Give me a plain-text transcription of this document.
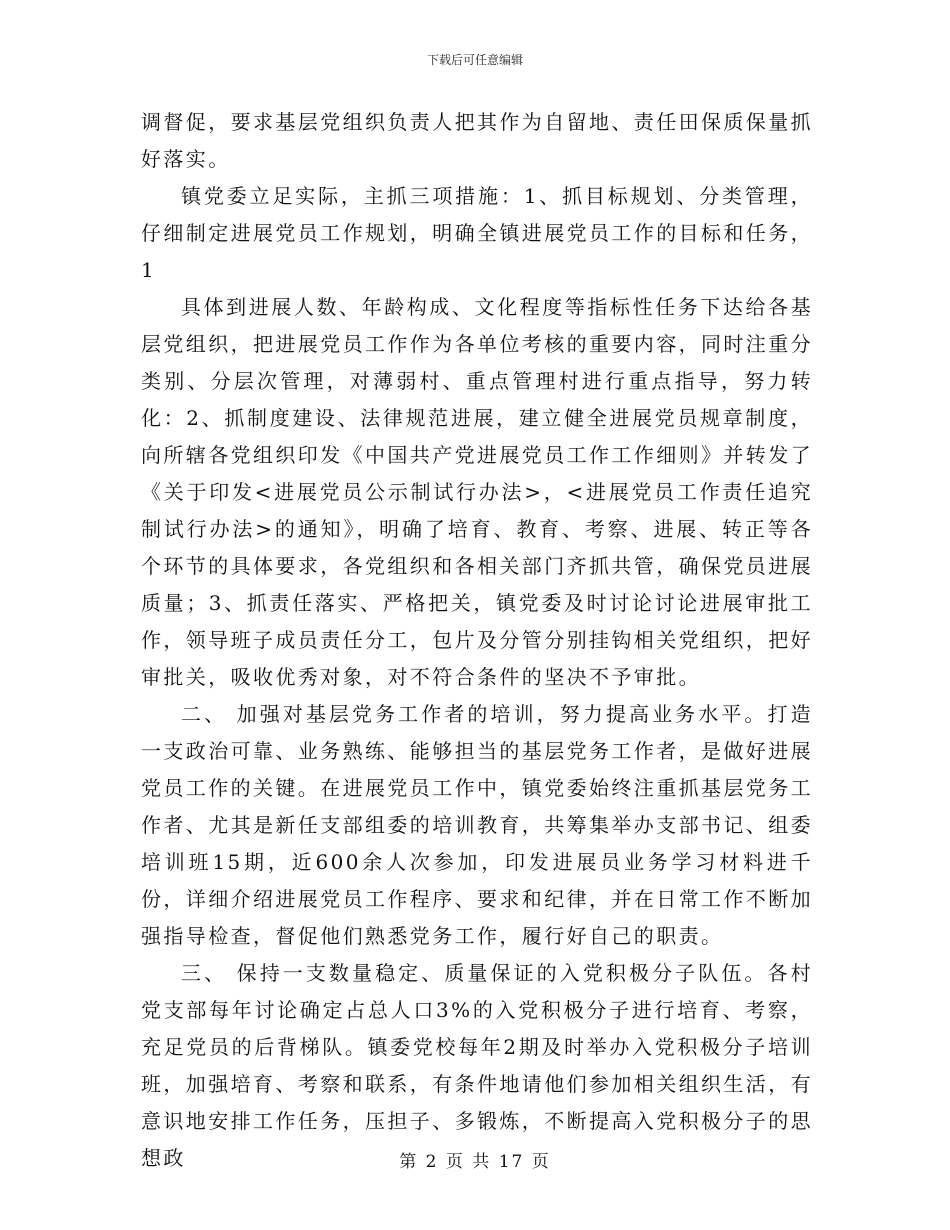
下载后可任意编辑

调督促，要求基层党组织负责人把其作为自留地、责任田保质保量抓好落实。

镇党委立足实际，主抓三项措施：1、抓目标规划、分类管理，仔细制定进展党员工作规划，明确全镇进展党员工作的目标和任务， 1

具体到进展人数、年龄构成、文化程度等指标性任务下达给各基层党组织，把进展党员工作作为各单位考核的重要内容，同时注重分类别、分层次管理，对薄弱村、重点管理村进行重点指导，努力转化：2、抓制度建设、法律规范进展，建立健全进展党员规章制度，向所辖各党组织印发《中国共产党进展党员工作工作细则》并转发了《关于印发<进展党员公示制试行办法>，<进展党员工作责任追究制试行办法>的通知》，明确了培育、教育、考察、进展、转正等各个环节的具体要求，各党组织和各相关部门齐抓共管，确保党员进展质量；3、抓责任落实、严格把关，镇党委及时讨论讨论进展审批工作，领导班子成员责任分工，包片及分管分别挂钩相关党组织，把好审批关，吸收优秀对象，对不符合条件的坚决不予审批。

二、 加强对基层党务工作者的培训，努力提高业务水平。打造一支政治可靠、业务熟练、能够担当的基层党务工作者，是做好进展党员工作的关键。在进展党员工作中，镇党委始终注重抓基层党务工作者、尤其是新任支部组委的培训教育，共筹集举办支部书记、组委培训班15期，近600余人次参加，印发进展员业务学习材料进千份，详细介绍进展党员工作程序、要求和纪律，并在日常工作不断加强指导检查，督促他们熟悉党务工作，履行好自己的职责。

三、 保持一支数量稳定、质量保证的入党积极分子队伍。各村党支部每年讨论确定占总人口3%的入党积极分子进行培育、考察，充足党员的后背梯队。镇委党校每年2期及时举办入党积极分子培训班，加强培育、考察和联系，有条件地请他们参加相关组织生活，有意识地安排工作任务，压担子、多锻炼，不断提高入党积极分子的思想政	第 2 页 共 17 页
